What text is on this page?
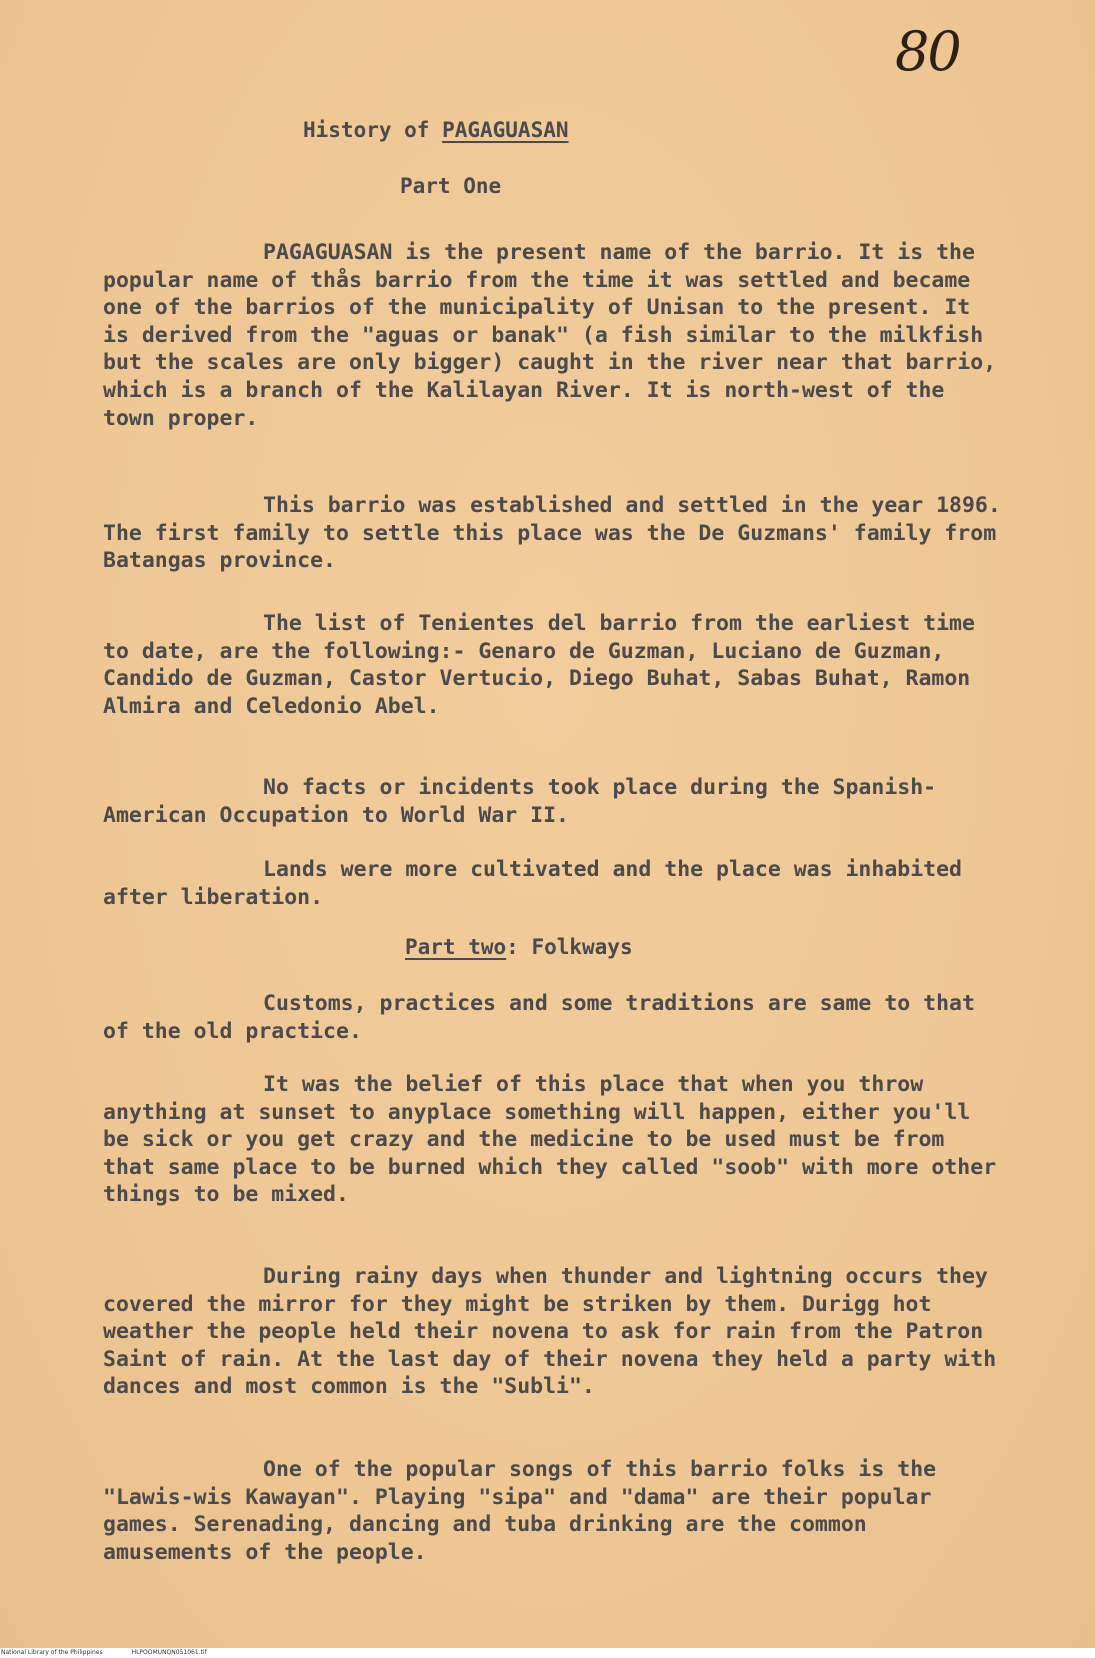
80
History of PAGAGUASAN
Part One

PAGAGUASAN is the present name of the barrio. It is the popular name of thås barrio from the time it was settled and became one of the barrios of the municipality of Unisan to the present. It is derived from the "aguas or banak" (a fish similar to the milkfish but the scales are only bigger) caught in the river near that barrio, which is a branch of the Kalilayan River. It is north-west of the town proper.

This barrio was established and settled in the year 1896. The first family to settle this place was the De Guzmans' family from Batangas province.

The list of Tenientes del barrio from the earliest time to date, are the following:- Genaro de Guzman, Luciano de Guzman, Candido de Guzman, Castor Vertucio, Diego Buhat, Sabas Buhat, Ramon Almira and Celedonio Abel.

No facts or incidents took place during the Spanish-American Occupation to World War II.

Lands were more cultivated and the place was inhabited after liberation.

Part two: Folkways

Customs, practices and some traditions are same to that of the old practice.

It was the belief of this place that when you throw anything at sunset to anyplace something will happen, either you'll be sick or you get crazy and the medicine to be used must be from that same place to be burned which they called "soob" with more other things to be mixed.

During rainy days when thunder and lightning occurs they covered the mirror for they might be striken by them. Durigg hot weather the people held their novena to ask for rain from the Patron Saint of rain. At the last day of their novena they held a party with dances and most common is the "Subli".

One of the popular songs of this barrio folks is the "Lawis-wis Kawayan". Playing "sipa" and "dama" are their popular games. Serenading, dancing and tuba drinking are the common amusements of the people.

National Library of the Philippines	HLPOOMUNQN051061.tif
